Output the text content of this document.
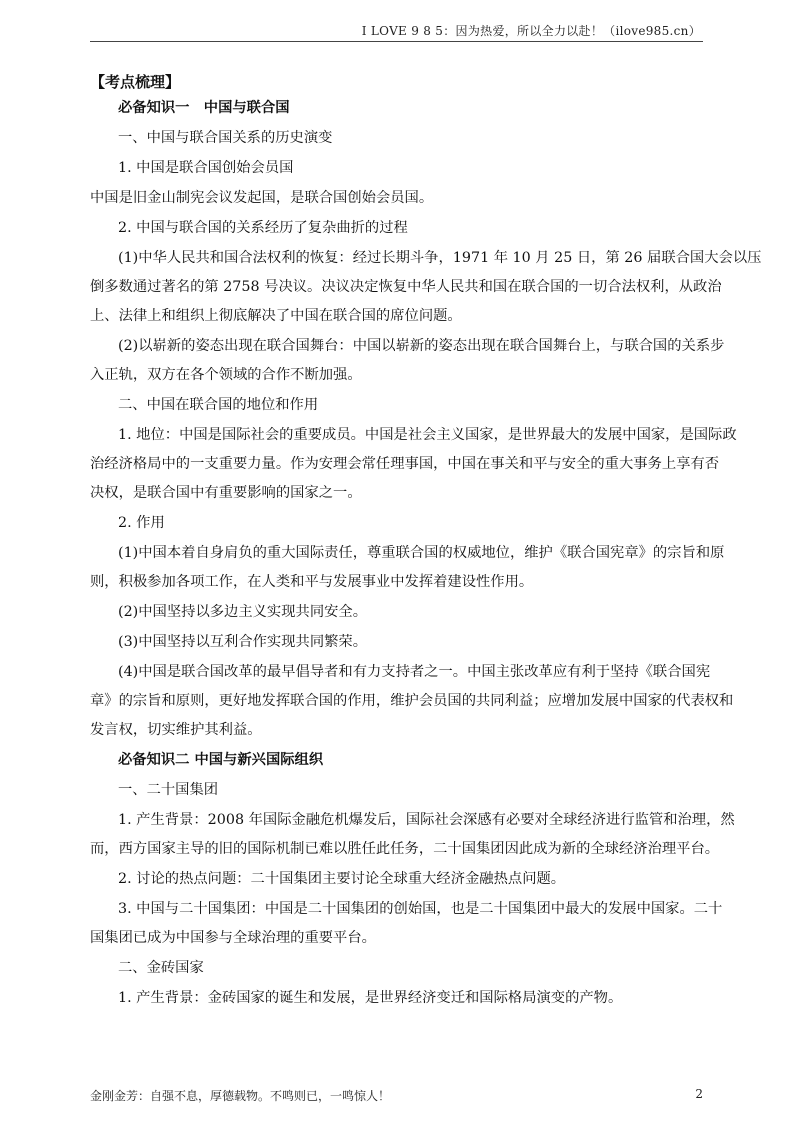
I LOVE 9 8 5：因为热爱，所以全力以赴！（ilove985.cn）

【考点梳理】

必备知识一　中国与联合国

一、中国与联合国关系的历史演变

1. 中国是联合国创始会员国

中国是旧金山制宪会议发起国，是联合国创始会员国。

2. 中国与联合国的关系经历了复杂曲折的过程

(1)中华人民共和国合法权利的恢复：经过长期斗争，1971 年 10 月 25 日，第 26 届联合国大会以压

倒多数通过著名的第 2758 号决议。决议决定恢复中华人民共和国在联合国的一切合法权利，从政治

上、法律上和组织上彻底解决了中国在联合国的席位问题。

(2)以崭新的姿态出现在联合国舞台：中国以崭新的姿态出现在联合国舞台上，与联合国的关系步

入正轨，双方在各个领域的合作不断加强。

二、中国在联合国的地位和作用

1. 地位：中国是国际社会的重要成员。中国是社会主义国家，是世界最大的发展中国家，是国际政

治经济格局中的一支重要力量。作为安理会常任理事国，中国在事关和平与安全的重大事务上享有否

决权，是联合国中有重要影响的国家之一。

2. 作用

(1)中国本着自身肩负的重大国际责任，尊重联合国的权威地位，维护《联合国宪章》的宗旨和原

则，积极参加各项工作，在人类和平与发展事业中发挥着建设性作用。

(2)中国坚持以多边主义实现共同安全。

(3)中国坚持以互利合作实现共同繁荣。

(4)中国是联合国改革的最早倡导者和有力支持者之一。中国主张改革应有利于坚持《联合国宪

章》的宗旨和原则，更好地发挥联合国的作用，维护会员国的共同利益；应增加发展中国家的代表权和

发言权，切实维护其利益。

必备知识二 中国与新兴国际组织

一、二十国集团

1. 产生背景：2008 年国际金融危机爆发后，国际社会深感有必要对全球经济进行监管和治理，然

而，西方国家主导的旧的国际机制已难以胜任此任务，二十国集团因此成为新的全球经济治理平台。

2. 讨论的热点问题：二十国集团主要讨论全球重大经济金融热点问题。

3. 中国与二十国集团：中国是二十国集团的创始国，也是二十国集团中最大的发展中国家。二十

国集团已成为中国参与全球治理的重要平台。

二、金砖国家

1. 产生背景：金砖国家的诞生和发展，是世界经济变迁和国际格局演变的产物。

金刚金芳：自强不息，厚德载物。不鸣则已，一鸣惊人！	2
